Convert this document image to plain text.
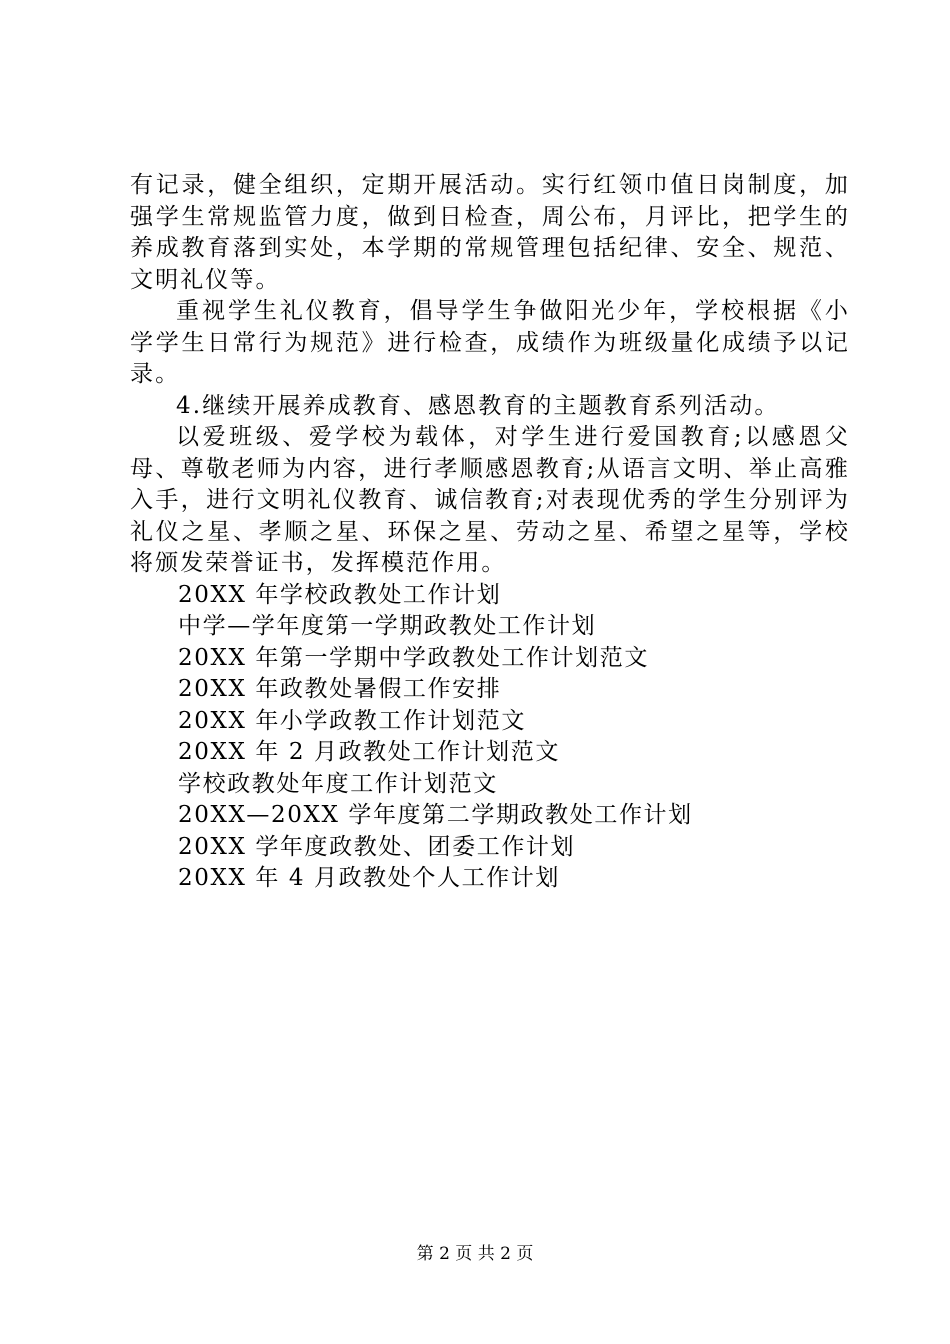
有记录，健全组织，定期开展活动。实行红领巾值日岗制度，加强学生常规监管力度，做到日检查，周公布，月评比，把学生的养成教育落到实处，本学期的常规管理包括纪律、安全、规范、文明礼仪等。

重视学生礼仪教育，倡导学生争做阳光少年，学校根据《小学学生日常行为规范》进行检查，成绩作为班级量化成绩予以记录。

4.继续开展养成教育、感恩教育的主题教育系列活动。

以爱班级、爱学校为载体，对学生进行爱国教育;以感恩父母、尊敬老师为内容，进行孝顺感恩教育;从语言文明、举止高雅入手，进行文明礼仪教育、诚信教育;对表现优秀的学生分别评为礼仪之星、孝顺之星、环保之星、劳动之星、希望之星等，学校将颁发荣誉证书，发挥模范作用。

20XX 年学校政教处工作计划
中学—学年度第一学期政教处工作计划
20XX 年第一学期中学政教处工作计划范文
20XX 年政教处暑假工作安排
20XX 年小学政教工作计划范文
20XX 年 2 月政教处工作计划范文
学校政教处年度工作计划范文
20XX—20XX 学年度第二学期政教处工作计划
20XX 学年度政教处、团委工作计划
20XX 年 4 月政教处个人工作计划
第 2 页 共 2 页
